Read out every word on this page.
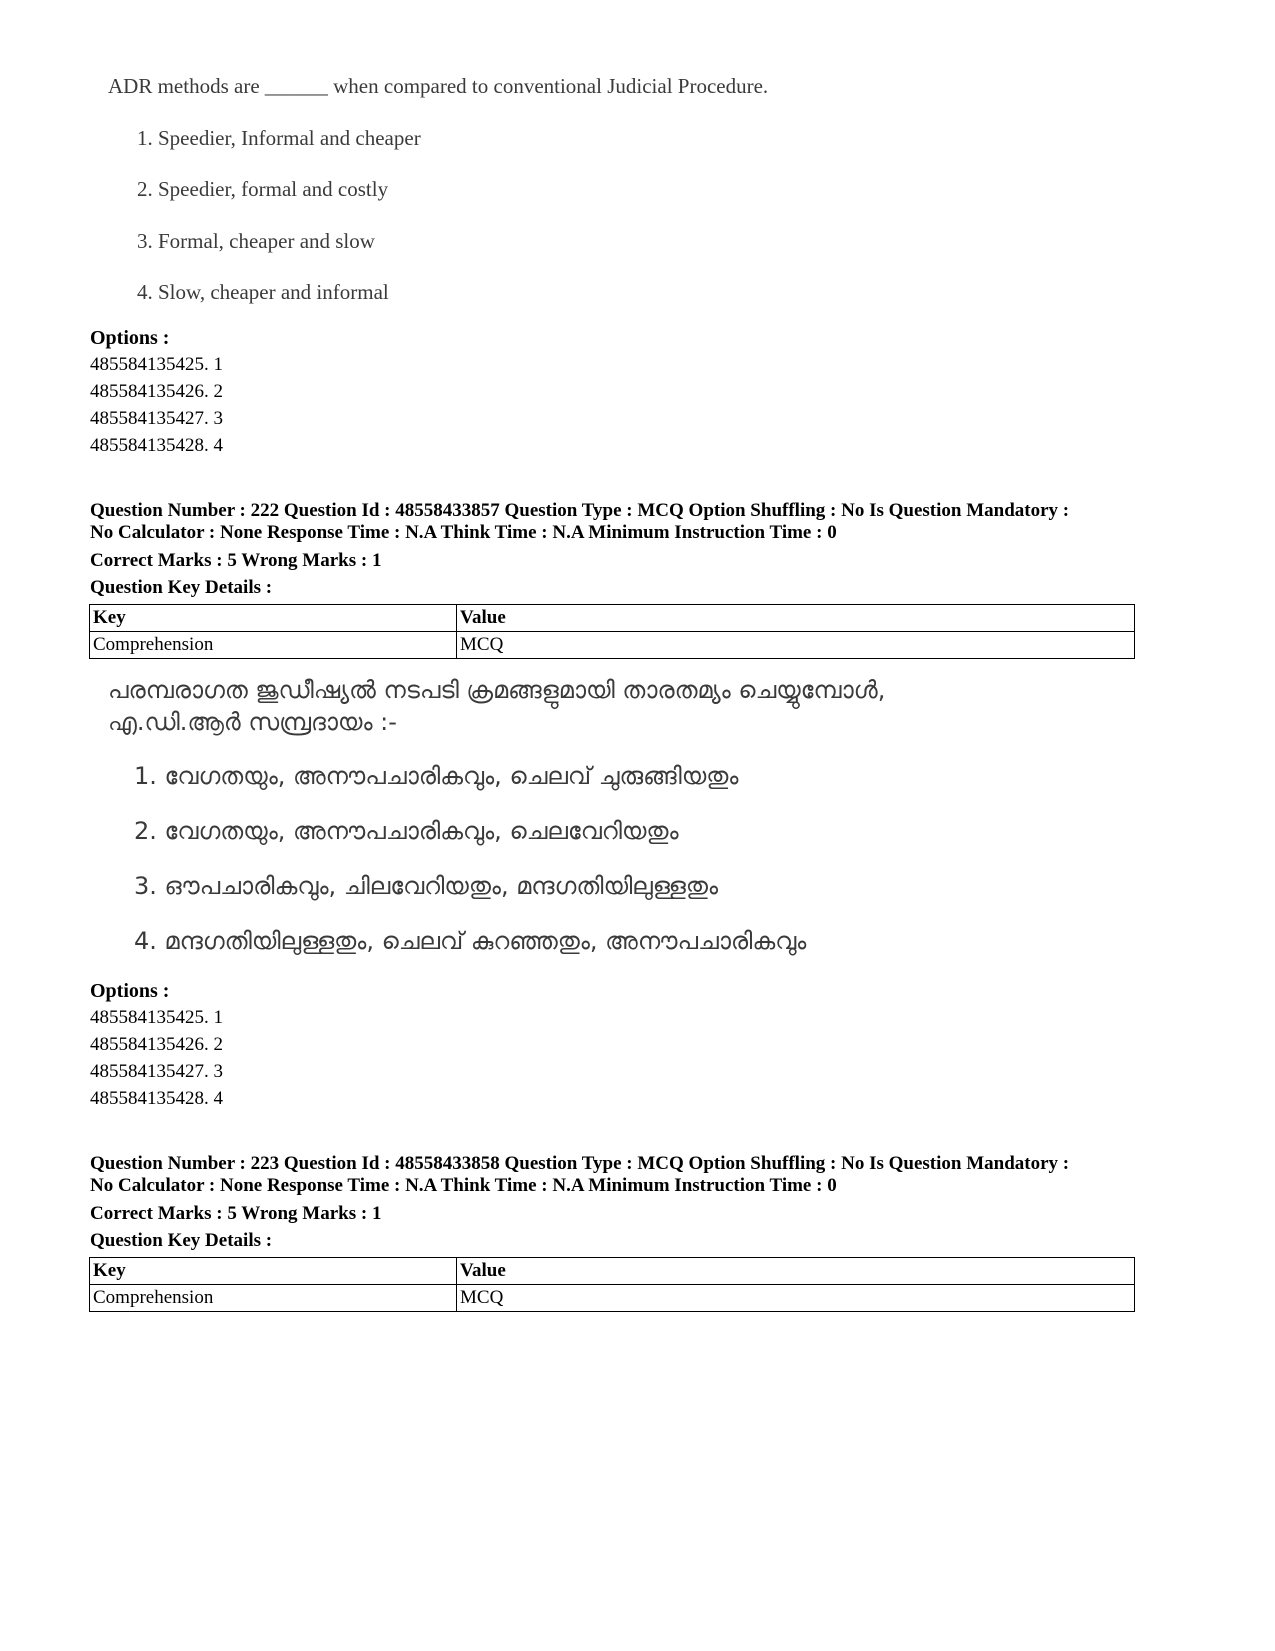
ADR methods are ______ when compared to conventional Judicial Procedure.
1. Speedier, Informal and cheaper
2. Speedier, formal and costly
3. Formal, cheaper and slow
4. Slow, cheaper and informal
Options :
485584135425. 1
485584135426. 2
485584135427. 3
485584135428. 4
Question Number : 222 Question Id : 48558433857 Question Type : MCQ Option Shuffling : No Is Question Mandatory :
No Calculator : None Response Time : N.A Think Time : N.A Minimum Instruction Time : 0
Correct Marks : 5 Wrong Marks : 1
Question Key Details :
Key	Value
Comprehension	MCQ
പരമ്പരാഗത ജുഡീഷ്യൽ നടപടി ക്രമങ്ങളുമായി താരതമ്യം ചെയ്യുമ്പോൾ,
എ.ഡി.ആർ സമ്പ്രദായം :-
1. വേഗതയും, അനൗപചാരികവും, ചെലവ് ചുരുങ്ങിയതും
2. വേഗതയും, അനൗപചാരികവും, ചെലവേറിയതും
3. ഔപചാരികവും, ചിലവേറിയതും, മന്ദഗതിയിലുള്ളതും
4. മന്ദഗതിയിലുള്ളതും, ചെലവ് കുറഞ്ഞതും, അനൗപചാരികവും
Options :
485584135425. 1
485584135426. 2
485584135427. 3
485584135428. 4
Question Number : 223 Question Id : 48558433858 Question Type : MCQ Option Shuffling : No Is Question Mandatory :
No Calculator : None Response Time : N.A Think Time : N.A Minimum Instruction Time : 0
Correct Marks : 5 Wrong Marks : 1
Question Key Details :
Key	Value
Comprehension	MCQ
